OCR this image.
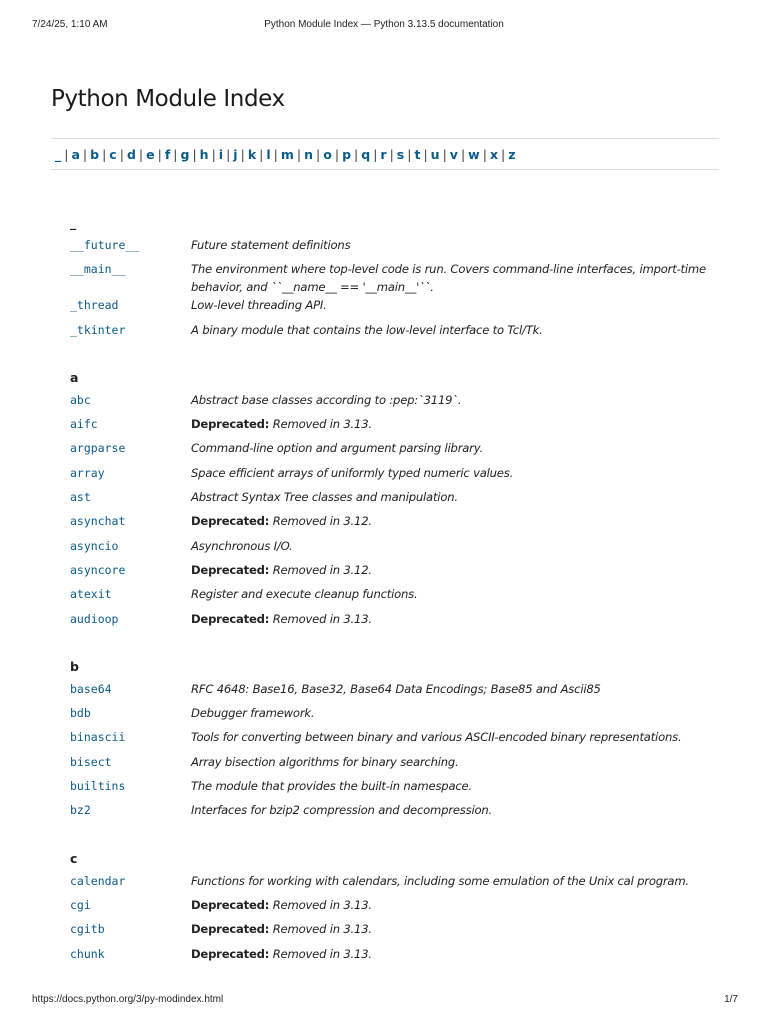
7/24/25, 1:10 AM	Python Module Index — Python 3.13.5 documentation
Python Module Index
_ | a | b | c | d | e | f | g | h | i | j | k | l | m | n | o | p | q | r | s | t | u | v | w | x | z
_
__future__	Future statement definitions
__main__	The environment where top-level code is run. Covers command-line interfaces, import-time behavior, and ``__name__ == '__main__'``.
_thread	Low-level threading API.
_tkinter	A binary module that contains the low-level interface to Tcl/Tk.
a
abc	Abstract base classes according to :pep:`3119`.
aifc	Deprecated: Removed in 3.13.
argparse	Command-line option and argument parsing library.
array	Space efficient arrays of uniformly typed numeric values.
ast	Abstract Syntax Tree classes and manipulation.
asynchat	Deprecated: Removed in 3.12.
asyncio	Asynchronous I/O.
asyncore	Deprecated: Removed in 3.12.
atexit	Register and execute cleanup functions.
audioop	Deprecated: Removed in 3.13.
b
base64	RFC 4648: Base16, Base32, Base64 Data Encodings; Base85 and Ascii85
bdb	Debugger framework.
binascii	Tools for converting between binary and various ASCII-encoded binary representations.
bisect	Array bisection algorithms for binary searching.
builtins	The module that provides the built-in namespace.
bz2	Interfaces for bzip2 compression and decompression.
c
calendar	Functions for working with calendars, including some emulation of the Unix cal program.
cgi	Deprecated: Removed in 3.13.
cgitb	Deprecated: Removed in 3.13.
chunk	Deprecated: Removed in 3.13.
https://docs.python.org/3/py-modindex.html	1/7
